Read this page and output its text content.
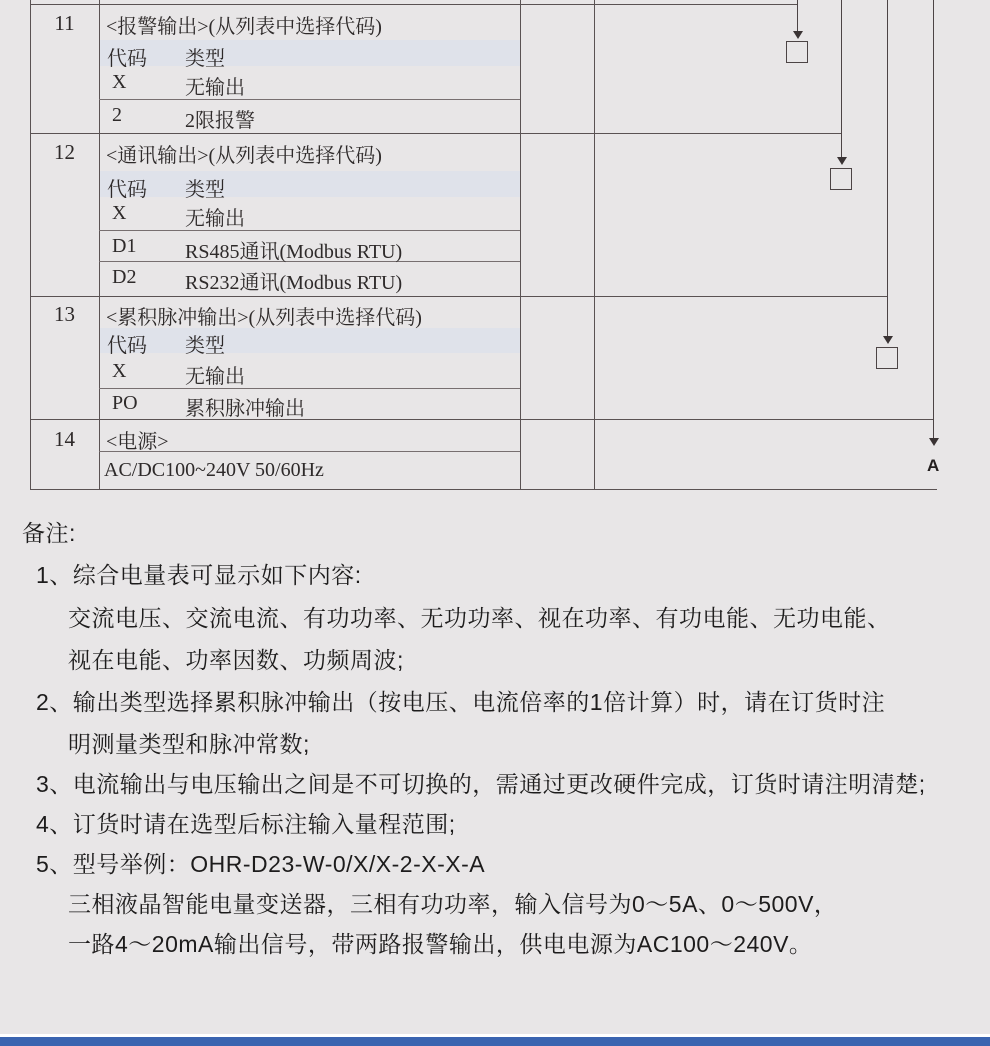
11	<报警输出>(从列表中选择代码)
代码 类型
X	无输出
2	2限报警
12	<通讯输出>(从列表中选择代码)
代码 类型
X	无输出
D1 RS485通讯(Modbus RTU)
D2 RS232通讯(Modbus RTU)
13	<累积脉冲输出>(从列表中选择代码)
代码 类型
X	无输出
PO 累积脉冲输出
14	<电源>
AC/DC100~240V 50/60Hz	A
备注:
1、综合电量表可显示如下内容:
交流电压、交流电流、有功功率、无功功率、视在功率、有功电能、无功电能、
视在电能、功率因数、功频周波;
2、输出类型选择累积脉冲输出（按电压、电流倍率的1倍计算）时，请在订货时注
明测量类型和脉冲常数;
3、电流输出与电压输出之间是不可切换的，需通过更改硬件完成，订货时请注明清楚;
4、订货时请在选型后标注输入量程范围;
5、型号举例：OHR-D23-W-0/X/X-2-X-X-A
三相液晶智能电量变送器，三相有功功率，输入信号为0～5A、0～500V，
一路4～20mA输出信号，带两路报警输出，供电电源为AC100～240V。
